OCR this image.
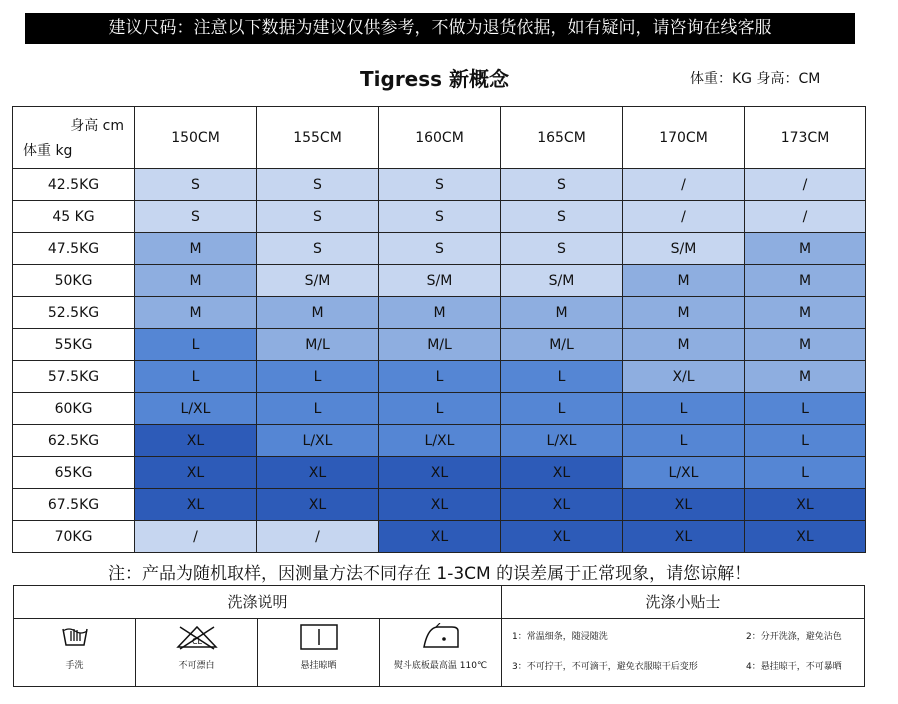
建议尺码：注意以下数据为建议仅供参考，不做为退货依据，如有疑问，请咨询在线客服
Tigress 新概念	体重：KG 身高：CM
身高 cm
体重 kg	150CM	155CM	160CM	165CM	170CM	173CM
42.5KG	S	S	S	S	/	/
45 KG	S	S	S	S	/	/
47.5KG	M	S	S	S	S/M	M
50KG	M	S/M	S/M	S/M	M	M
52.5KG	M	M	M	M	M	M
55KG	L	M/L	M/L	M/L	M	M
57.5KG	L	L	L	L	X/L	M
60KG	L/XL	L	L	L	L	L
62.5KG	XL	L/XL	L/XL	L/XL	L	L
65KG	XL	XL	XL	XL	L/XL	L
67.5KG	XL	XL	XL	XL	XL	XL
70KG	/	/	XL	XL	XL	XL
注：产品为随机取样，因测量方法不同存在 1-3CM 的误差属于正常现象，请您谅解！
洗涤说明
手洗
CL
不可漂白	悬挂晾晒	熨斗底板最高温 110℃
洗涤小贴士
1：常温细条，随浸随洗	2：分开洗涤，避免沾色
3：不可拧干，不可滴干，避免衣服晾干后变形	4：悬挂晾干，不可暴晒
